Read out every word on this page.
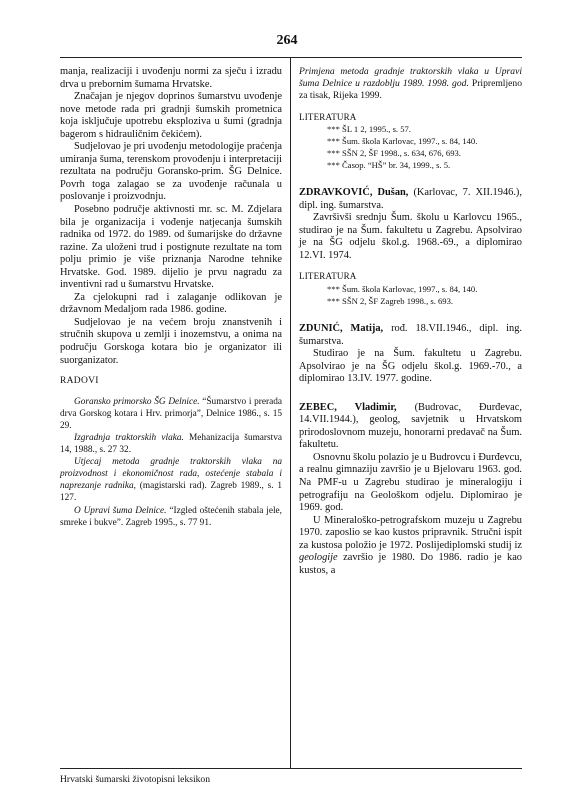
264

manja, realizaciji i uvođenju normi za sječu i izradu drva u prebornim šumama Hrvatske.

Značajan je njegov doprinos šumarstvu uvođenje nove metode rada pri gradnji šumskih prometnica koja isključuje upotrebu eksploziva u šumi (gradnja bagerom s hidrauličnim čekićem).

Sudjelovao je pri uvođenju metodologije praćenja umiranja šuma, terenskom provođenju i interpretaciji rezultata na području Goransko-prim. ŠG Delnice. Povrh toga zalagao se za uvođenje računala u poslovanje i proizvodnju.

Posebno područje aktivnosti mr. sc. M. Zdjelara bila je organizacija i vođenje natjecanja šumskih radnika od 1972. do 1989. od šumarijske do državne razine. Za uloženi trud i postignute rezultate na tom polju primio je više priznanja Narodne tehnike Hrvatske. God. 1989. dijelio je prvu nagradu za inventivni rad u šumarstvu Hrvatske.

Za cjelokupni rad i zalaganje odlikovan je državnom Medaljom rada 1986. godine.

Sudjelovao je na većem broju znanstvenih i stručnih skupova u zemlji i inozemstvu, a onima na području Gorskoga kotara bio je organizator ili suorganizator.

RADOVI

Goransko primorsko ŠG Delnice. “Šumarstvo i prerada drva Gorskog kotara i Hrv. primorja”, Delnice 1986., s. 15 29.

Izgradnja traktorskih vlaka. Mehanizacija šumarstva 14, 1988., s. 27 32.

Utjecaj metoda gradnje traktorskih vlaka na proizvodnost i ekonomičnost rada, ostećenje stabala i naprezanje radnika, (magistarski rad). Zagreb 1989., s. 1 127.

O Upravi šuma Delnice. “Izgled oštećenih stabala jele, smreke i bukve”. Zagreb 1995., s. 77 91.

Primjena metoda gradnje traktorskih vlaka u Upravi šuma Delnice u razdoblju 1989. 1998. god. Pripremljeno za tisak, Rijeka 1999.

LITERATURA

*** ŠL 1 2, 1995., s. 57.

*** Šum. škola Karlovac, 1997., s. 84, 140.

*** SŠN 2, ŠF 1998., s. 634, 676, 693.

*** Časop. “HŠ” br. 34, 1999., s. 5.

ZDRAVKOVIĆ, Dušan, (Karlovac, 7. XII.1946.), dipl. ing. šumarstva.

Završivši srednju Šum. školu u Karlovcu 1965., studirao je na Šum. fakultetu u Zagrebu. Apsolvirao je na ŠG odjelu škol.g. 1968.-69., a diplomirao 12.VI. 1974.

LITERATURA

*** Šum. škola Karlovac, 1997., s. 84, 140.

*** SŠN 2, ŠF Zagreb 1998., s. 693.

ZDUNIĆ, Matija, rođ. 18.VII.1946., dipl. ing. šumarstva.

Studirao je na Šum. fakultetu u Zagrebu. Apsolvirao je na ŠG odjelu škol.g. 1969.-70., a diplomirao 13.IV. 1977. godine.

ZEBEC, Vladimir, (Budrovac, Đurđevac, 14.VII.1944.), geolog, savjetnik u Hrvatskom prirodoslovnom muzeju, honorarni predavač na Šum. fakultetu.

Osnovnu školu polazio je u Budrovcu i Đurđevcu, a realnu gimnaziju završio je u Bjelovaru 1963. god. Na PMF-u u Zagrebu studirao je mineralogiju i petrografiju na Geološkom odjelu. Diplomirao je 1969. god.

U Mineraloško-petrografskom muzeju u Zagrebu 1970. zaposlio se kao kustos pripravnik. Stručni ispit za kustosa položio je 1972. Poslijediplomski studij iz geologije završio je 1980. Do 1986. radio je kao kustos, a

Hrvatski šumarski životopisni leksikon
